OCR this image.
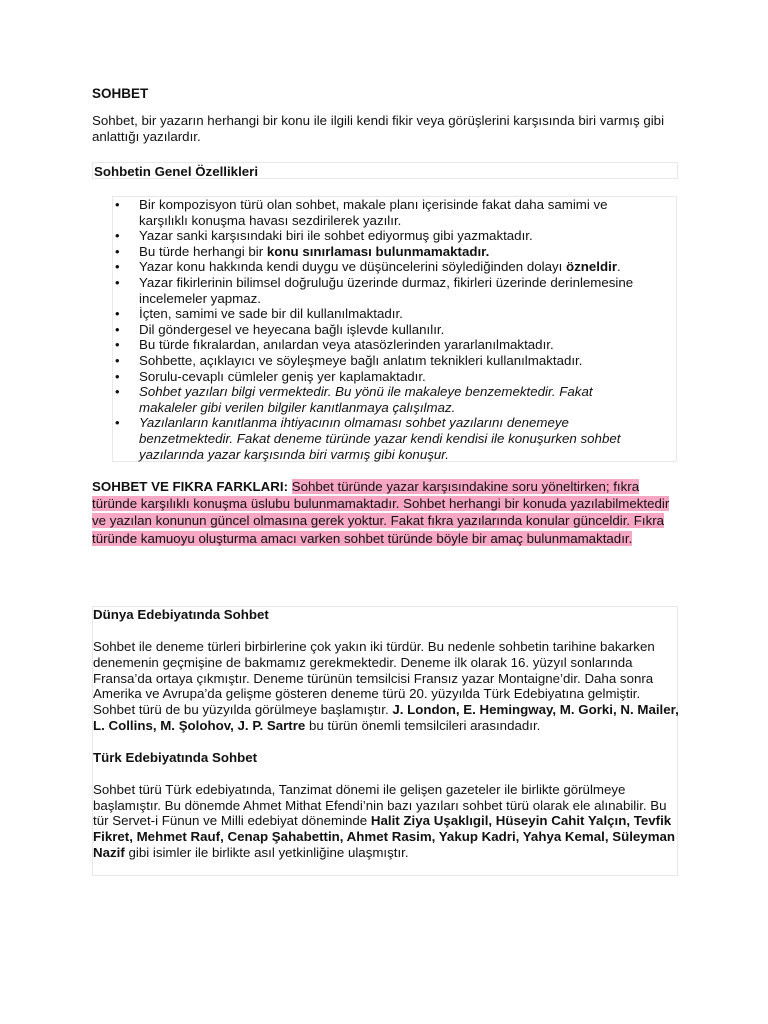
SOHBET
Sohbet, bir yazarın herhangi bir konu ile ilgili kendi fikir veya görüşlerini karşısında biri varmış gibi anlattığı yazılardır.
Sohbetin Genel Özellikleri
• Bir kompozisyon türü olan sohbet, makale planı içerisinde fakat daha samimi ve karşılıklı konuşma havası sezdirilerek yazılır.
• Yazar sanki karşısındaki biri ile sohbet ediyormuş gibi yazmaktadır.
• Bu türde herhangi bir konu sınırlaması bulunmamaktadır.
• Yazar konu hakkında kendi duygu ve düşüncelerini söylediğinden dolayı özneldir.
• Yazar fikirlerinin bilimsel doğruluğu üzerinde durmaz, fikirleri üzerinde derinlemesine incelemeler yapmaz.
• İçten, samimi ve sade bir dil kullanılmaktadır.
• Dil göndergesel ve heyecana bağlı işlevde kullanılır.
• Bu türde fıkralardan, anılardan veya atasözlerinden yararlanılmaktadır.
• Sohbette, açıklayıcı ve söyleşmeye bağlı anlatım teknikleri kullanılmaktadır.
• Sorulu-cevaplı cümleler geniş yer kaplamaktadır.
• Sohbet yazıları bilgi vermektedir. Bu yönü ile makaleye benzemektedir. Fakat makaleler gibi verilen bilgiler kanıtlanmaya çalışılmaz.
• Yazılanların kanıtlanma ihtiyacının olmaması sohbet yazılarını denemeye benzetmektedir. Fakat deneme türünde yazar kendi kendisi ile konuşurken sohbet yazılarında yazar karşısında biri varmış gibi konuşur.
SOHBET VE FIKRA FARKLARI: Sohbet türünde yazar karşısındakine soru yöneltirken; fıkra türünde karşılıklı konuşma üslubu bulunmamaktadır. Sohbet herhangi bir konuda yazılabilmektedir ve yazılan konunun güncel olmasına gerek yoktur. Fakat fıkra yazılarında konular günceldir. Fıkra türünde kamuoyu oluşturma amacı varken sohbet türünde böyle bir amaç bulunmamaktadır.
Dünya Edebiyatında Sohbet
Sohbet ile deneme türleri birbirlerine çok yakın iki türdür. Bu nedenle sohbetin tarihine bakarken denemenin geçmişine de bakmamız gerekmektedir. Deneme ilk olarak 16. yüzyıl sonlarında Fransa’da ortaya çıkmıştır. Deneme türünün temsilcisi Fransız yazar Montaigne’dir. Daha sonra Amerika ve Avrupa’da gelişme gösteren deneme türü 20. yüzyılda Türk Edebiyatına gelmiştir. Sohbet türü de bu yüzyılda görülmeye başlamıştır. J. London, E. Hemingway, M. Gorki, N. Mailer, L. Collins, M. Şolohov, J. P. Sartre bu türün önemli temsilcileri arasındadır.
Türk Edebiyatında Sohbet
Sohbet türü Türk edebiyatında, Tanzimat dönemi ile gelişen gazeteler ile birlikte görülmeye başlamıştır. Bu dönemde Ahmet Mithat Efendi’nin bazı yazıları sohbet türü olarak ele alınabilir. Bu tür Servet-i Fünun ve Milli edebiyat döneminde Halit Ziya Uşaklıgil, Hüseyin Cahit Yalçın, Tevfik Fikret, Mehmet Rauf, Cenap Şahabettin, Ahmet Rasim, Yakup Kadri, Yahya Kemal, Süleyman Nazif gibi isimler ile birlikte asıl yetkinliğine ulaşmıştır.
